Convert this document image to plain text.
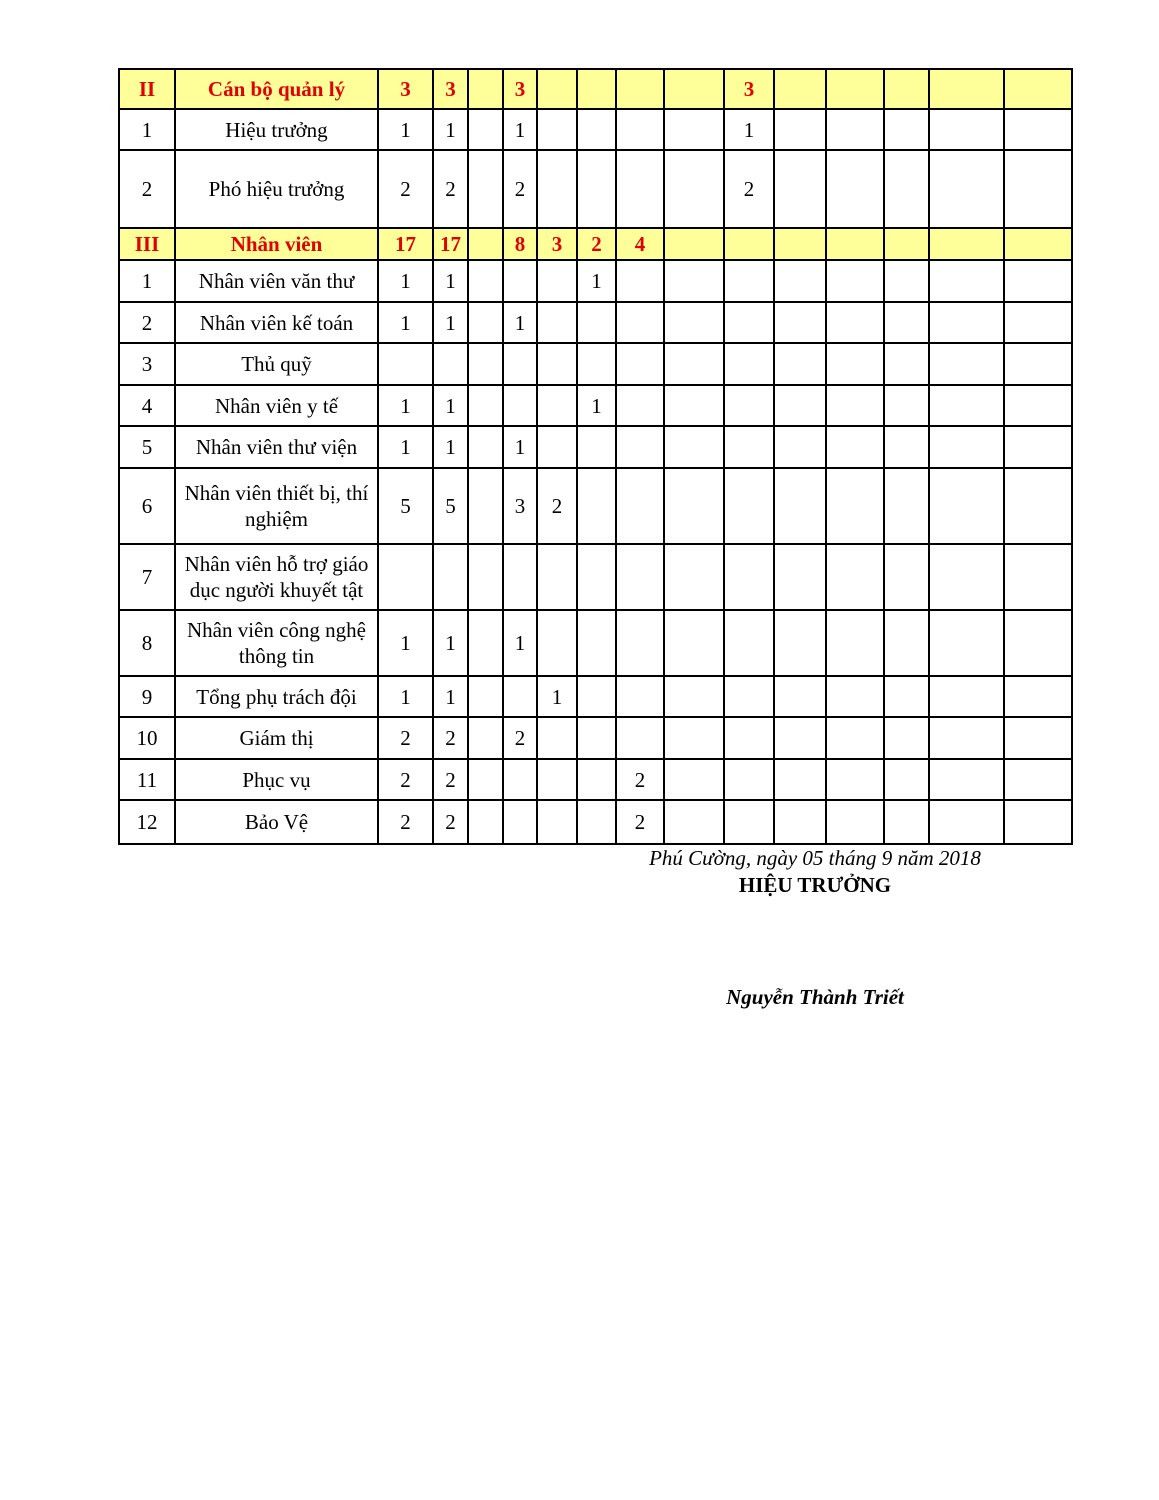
II	Cán bộ quản lý	3	3		3					3					
1	Hiệu trưởng	1	1		1					1					
2	Phó hiệu trưởng	2	2		2					2					
III	Nhân viên	17	17		8	3	2	4							
1	Nhân viên văn thư	1	1				1								
2	Nhân viên kế toán	1	1		1										
3	Thủ quỹ														
4	Nhân viên y tế	1	1				1								
5	Nhân viên thư viện	1	1		1										
6	Nhân viên thiết bị, thí nghiệm	5	5		3	2									
7	Nhân viên hỗ trợ giáo dục người khuyết tật														
8	Nhân viên công nghệ thông tin	1	1		1										
9	Tổng phụ trách đội	1	1			1									
10	Giám thị	2	2		2										
11	Phục vụ	2	2					2							
12	Bảo Vệ	2	2					2							
Phú Cường, ngày 05 tháng 9 năm 2018
HIỆU TRƯỞNG
Nguyễn Thành Triết
